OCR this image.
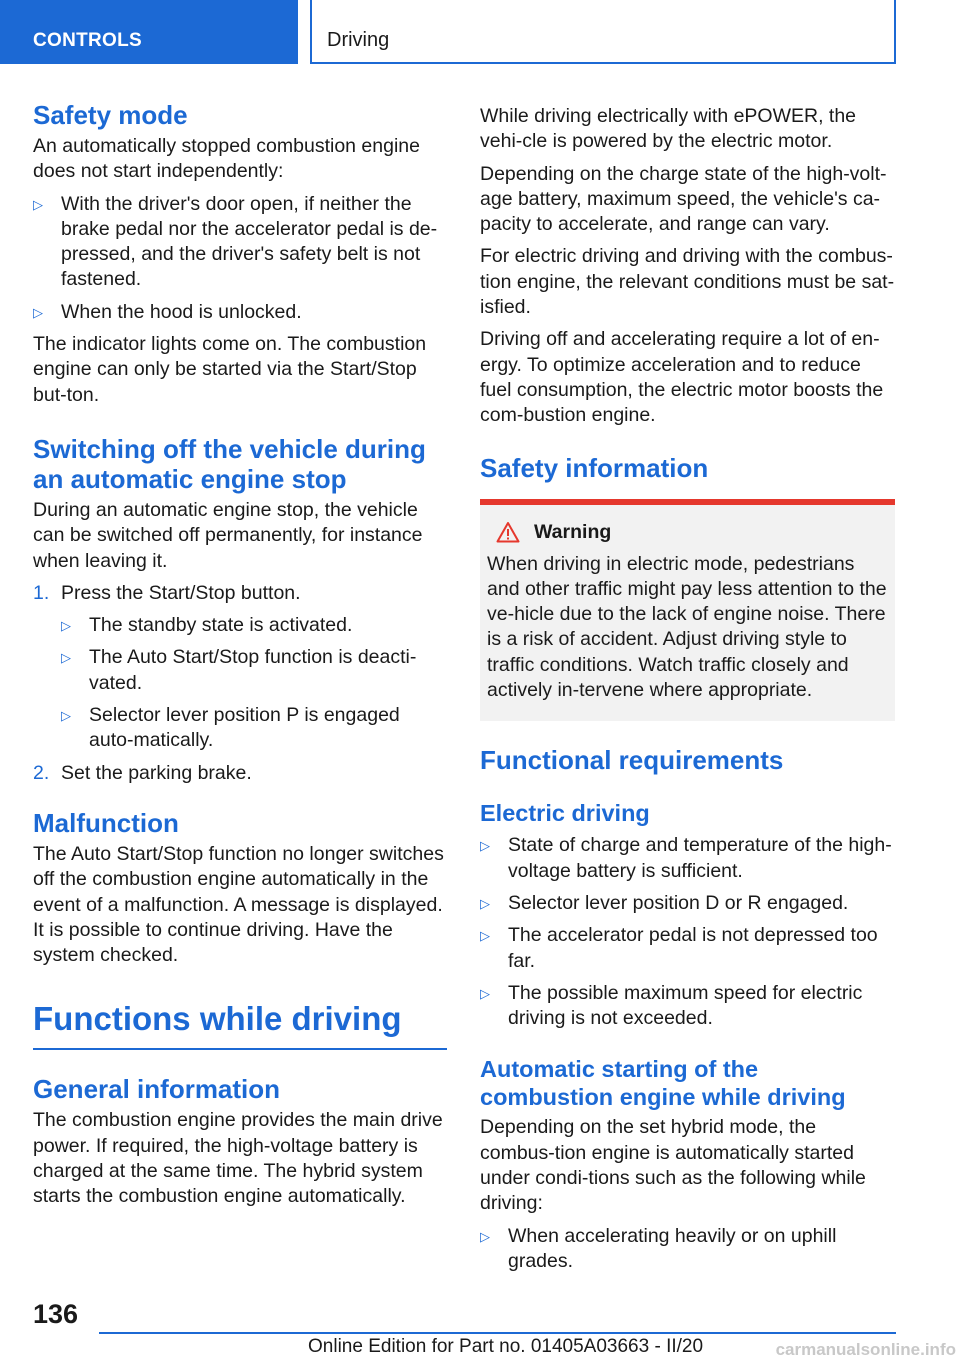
CONTROLS	Driving
Safety mode

An automatically stopped combustion engine does not start independently:

▷ With the driver's door open, if neither the brake pedal nor the accelerator pedal is de-pressed, and the driver's safety belt is not fastened.
▷ When the hood is unlocked.

The indicator lights come on. The combustion engine can only be started via the Start/Stop but-ton.

Switching off the vehicle during an automatic engine stop

During an automatic engine stop, the vehicle can be switched off permanently, for instance when leaving it.

1. Press the Start/Stop button.
▷ The standby state is activated.
▷ The Auto Start/Stop function is deacti-vated.
▷ Selector lever position P is engaged auto-matically.
2. Set the parking brake.
Malfunction

The Auto Start/Stop function no longer switches off the combustion engine automatically in the event of a malfunction. A message is displayed. It is possible to continue driving. Have the system checked.

Functions while driving
General information

The combustion engine provides the main drive power. If required, the high-voltage battery is charged at the same time. The hybrid system starts the combustion engine automatically.

While driving electrically with ePOWER, the vehi-cle is powered by the electric motor.

Depending on the charge state of the high-volt-age battery, maximum speed, the vehicle's ca-pacity to accelerate, and range can vary.

For electric driving and driving with the combus-tion engine, the relevant conditions must be sat-isfied.

Driving off and accelerating require a lot of en-ergy. To optimize acceleration and to reduce fuel consumption, the electric motor boosts the com-bustion engine.

Safety information
Warning

When driving in electric mode, pedestrians and other traffic might pay less attention to the ve-hicle due to the lack of engine noise. There is a risk of accident. Adjust driving style to traffic conditions. Watch traffic closely and actively in-tervene where appropriate.

Functional requirements
Electric driving
▷ State of charge and temperature of the high-voltage battery is sufficient.
▷ Selector lever position D or R engaged.
▷ The accelerator pedal is not depressed too far.
▷ The possible maximum speed for electric driving is not exceeded.
Automatic starting of the combustion engine while driving

Depending on the set hybrid mode, the combus-tion engine is automatically started under condi-tions such as the following while driving:

▷ When accelerating heavily or on uphill grades.
136
Online Edition for Part no. 01405A03663 - II/20	carmanualsonline.info
